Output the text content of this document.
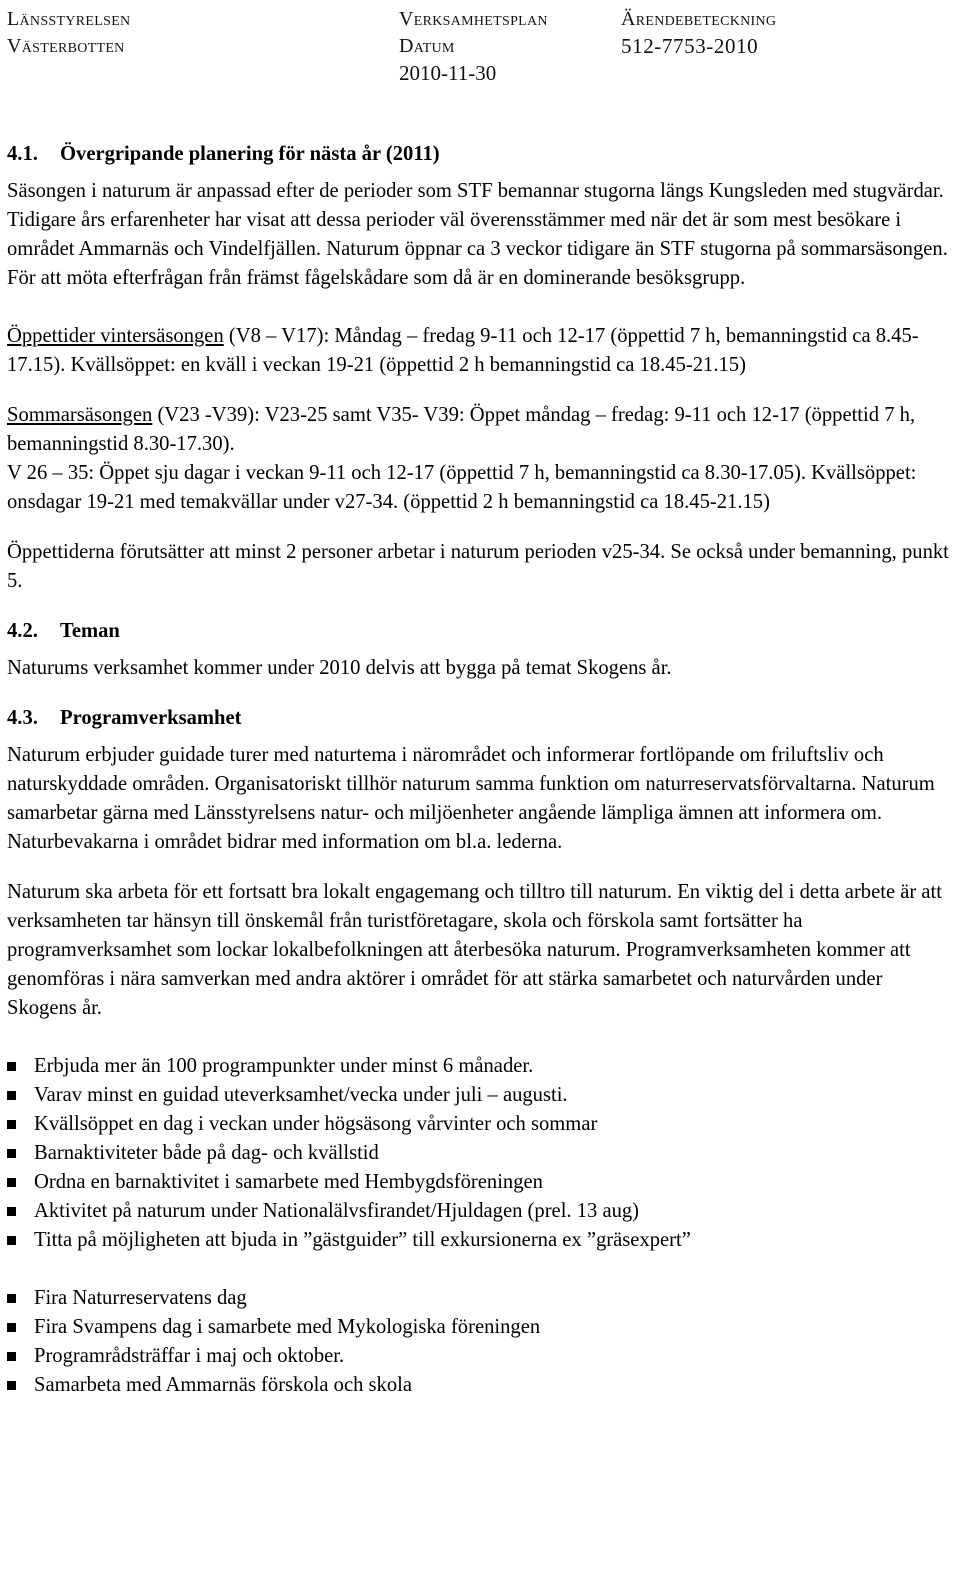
Länsstyrelsen
Västerbotten
Verksamhetsplan
Datum
2010-11-30
Ärendebeteckning
512-7753-2010

4.1. Övergripande planering för nästa år (2011)

Säsongen i naturum är anpassad efter de perioder som STF bemannar stugorna längs Kungsleden med stugvärdar. Tidigare års erfarenheter har visat att dessa perioder väl överensstämmer med när det är som mest besökare i området Ammarnäs och Vindelfjällen. Naturum öppnar ca 3 veckor tidigare än STF stugorna på sommarsäsongen. För att möta efterfrågan från främst fågelskådare som då är en dominerande besöksgrupp.

Öppettider vintersäsongen (V8 – V17): Måndag – fredag 9-11 och 12-17 (öppettid 7 h, bemanningstid ca 8.45-17.15). Kvällsöppet: en kväll i veckan 19-21 (öppettid 2 h bemanningstid ca 18.45-21.15)

Sommarsäsongen (V23 -V39): V23-25 samt V35- V39: Öppet måndag – fredag: 9-11 och 12-17 (öppettid 7 h, bemanningstid 8.30-17.30).

V 26 – 35: Öppet sju dagar i veckan 9-11 och 12-17 (öppettid 7 h, bemanningstid ca 8.30-17.05). Kvällsöppet: onsdagar 19-21 med temakvällar under v27-34. (öppettid 2 h bemanningstid ca 18.45-21.15)

Öppettiderna förutsätter att minst 2 personer arbetar i naturum perioden v25-34. Se också under bemanning, punkt 5.

4.2. Teman

Naturums verksamhet kommer under 2010 delvis att bygga på temat Skogens år.

4.3. Programverksamhet

Naturum erbjuder guidade turer med naturtema i närområdet och informerar fortlöpande om friluftsliv och naturskyddade områden. Organisatoriskt tillhör naturum samma funktion om naturreservatsförvaltarna. Naturum samarbetar gärna med Länsstyrelsens natur- och miljöenheter angående lämpliga ämnen att informera om. Naturbevakarna i området bidrar med information om bl.a. lederna.

Naturum ska arbeta för ett fortsatt bra lokalt engagemang och tilltro till naturum. En viktig del i detta arbete är att verksamheten tar hänsyn till önskemål från turistföretagare, skola och förskola samt fortsätter ha programverksamhet som lockar lokalbefolkningen att återbesöka naturum. Programverksamheten kommer att genomföras i nära samverkan med andra aktörer i området för att stärka samarbetet och naturvården under Skogens år.

Erbjuda mer än 100 programpunkter under minst 6 månader.
Varav minst en guidad uteverksamhet/vecka under juli – augusti.
Kvällsöppet en dag i veckan under högsäsong vårvinter och sommar
Barnaktiviteter både på dag- och kvällstid
Ordna en barnaktivitet i samarbete med Hembygdsföreningen
Aktivitet på naturum under Nationalälvsfirandet/Hjuldagen (prel. 13 aug)
Titta på möjligheten att bjuda in ”gästguider” till exkursionerna ex ”gräsexpert”
Fira Naturreservatens dag
Fira Svampens dag i samarbete med Mykologiska föreningen
Programrådsträffar i maj och oktober.
Samarbeta med Ammarnäs förskola och skola
